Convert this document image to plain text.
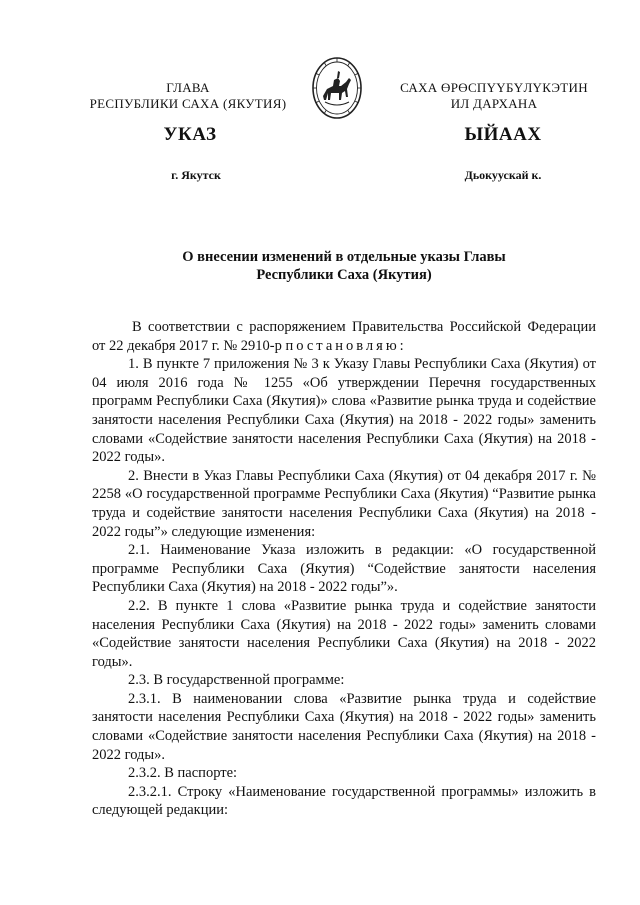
ГЛАВА
РЕСПУБЛИКИ САХА (ЯКУТИЯ)
САХА ӨРӨСПҮҮБҮЛҮКЭТИН
ИЛ ДАРХАНА
УКАЗ	ЫЙААХ
г. Якутск	Дьокуускай к.
О внесении изменений в отдельные указы Главы
Республики Саха (Якутия)

В соответствии с распоряжением Правительства Российской Федерации от 22 декабря 2017 г. № 2910-р постановляю:

1. В пункте 7 приложения № 3 к Указу Главы Республики Саха (Якутия) от 04 июля 2016 года № 1255 «Об утверждении Перечня государственных программ Республики Саха (Якутия)» слова «Развитие рынка труда и содействие занятости населения Республики Саха (Якутия) на 2018 - 2022 годы» заменить словами «Содействие занятости населения Республики Саха (Якутия) на 2018 - 2022 годы».

2. Внести в Указ Главы Республики Саха (Якутия) от 04 декабря 2017 г. № 2258 «О государственной программе Республики Саха (Якутия) “Развитие рынка труда и содействие занятости населения Республики Саха (Якутия) на 2018 - 2022 годы”» следующие изменения:

2.1. Наименование Указа изложить в редакции: «О государственной программе Республики Саха (Якутия) “Содействие занятости населения Республики Саха (Якутия) на 2018 - 2022 годы”».

2.2. В пункте 1 слова «Развитие рынка труда и содействие занятости населения Республики Саха (Якутия) на 2018 - 2022 годы» заменить словами «Содействие занятости населения Республики Саха (Якутия) на 2018 - 2022 годы».

2.3. В государственной программе:

2.3.1. В наименовании слова «Развитие рынка труда и содействие занятости населения Республики Саха (Якутия) на 2018 - 2022 годы» заменить словами «Содействие занятости населения Республики Саха (Якутия) на 2018 - 2022 годы».

2.3.2. В паспорте:

2.3.2.1. Строку «Наименование государственной программы» изложить в следующей редакции:
